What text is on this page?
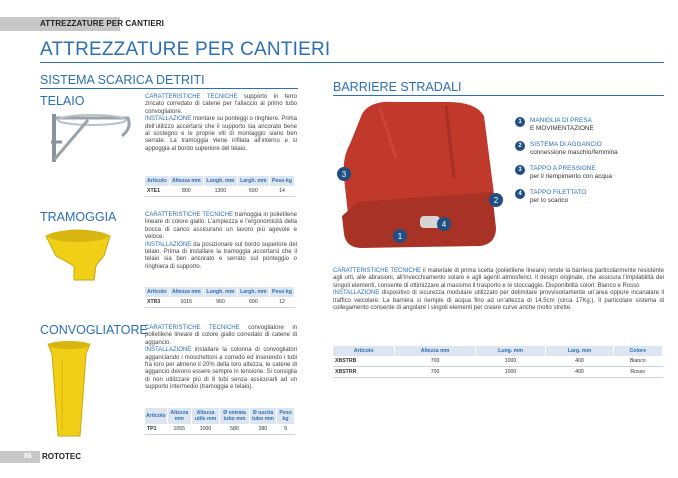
ATTREZZATURE PER CANTIERI
ATTREZZATURE PER CANTIERI
SISTEMA SCARICA DETRITI
TELAIO	CARATTERISTICHE TECNICHE supporto in ferro zincato corredato di catene per l’allaccio al primo tubo convogliatore.
INSTALLAZIONE montare su ponteggi o ringhiere. Prima dell’utilizzo accertarsi che il supporto sia ancorato bene al sostegno e le proprie viti di montaggio siano ben serrate. La tramoggia viene infilata all’interno e si appoggia al bordo superiore del telaio.
Articolo	Altezza mm	Lungh. mm	Largh. mm	Peso kg
XTE1	800	1300	690	14
TRAMOGGIA	CARATTERISTICHE TECNICHE tramoggia in polietilene lineare di colore giallo. L’ampiezza e l’ergonomicità della bocca di carico assicurano un lavoro più agevole e veloce.
INSTALLAZIONE da posizionare sul bordo superiore del telaio. Prima di installare la tramoggia accertarsi che il telaio sia ben ancorato e serrato sul ponteggio o ringhiera di supporto.
Articolo	Altezza mm	Lungh. mm	Largh. mm	Peso kg
XTR3	1015	960	690	12
CONVOGLIATORE
CARATTERISTICHE TECNICHE convogliatore in polietilene lineare di colore giallo corredato di catene di aggancio.
INSTALLAZIONE installare la colonna di convogliatori agganciando i moschettoni a corredo ed inserendo i tubi fra loro per almeno il 20% della loro altezza, le catene di aggancio devono essere sempre in tensione. Si consiglia di non utilizzare più di 8 tubi senza assicurarli ad un supporto intermedio (tramoggia e telaio).
Articolo	Altezza mm	Altezza utile mm	Ø entrata tubo mm	Ø uscita tubo mm	Peso kg
TP1	1055	1000	580	390	9
BARRIERE STRADALI
3
2
1
4
1	MANIGLIA DI PRESA
E MOVIMENTAZIONE
2	SISTEMA DI AGGANCIO
connessione maschio/femmina
3	TAPPO A PRESSIONE
per il riempimento con acqua
4	TAPPO FILETTATO
per lo scarico
CARATTERISTICHE TECNICHE il materiale di prima scelta (polietilene lineare) rende la barriera particolarmente resistente agli urti, alle abrasioni, all’invecchiamento solare e agli agenti atmosferici. Il design originale, che assicura l’impilabilità dei singoli elementi, consente di ottimizzare al massimo il trasporto e lo stoccaggio. Disponibilità colori: Bianco e Rosso
INSTALLAZIONE dispositivo di sicurezza modulare utilizzato per delimitare provvisoriamente un’area oppure incanalare il traffico veicolare. La barriera si riempie di acqua fino ad un’altezza di 14,5cm (circa 17Kg.). Il particolare sistema di collegamento consente di angolare i singoli elementi per creare curve anche molto strette.
Articolo	Altezza mm	Lung. mm	Larg. mm	Colore
XBSTRB	700	1000	400	Bianco
XBSTRR	700	1000	400	Rosso
86 ROTOTEC
